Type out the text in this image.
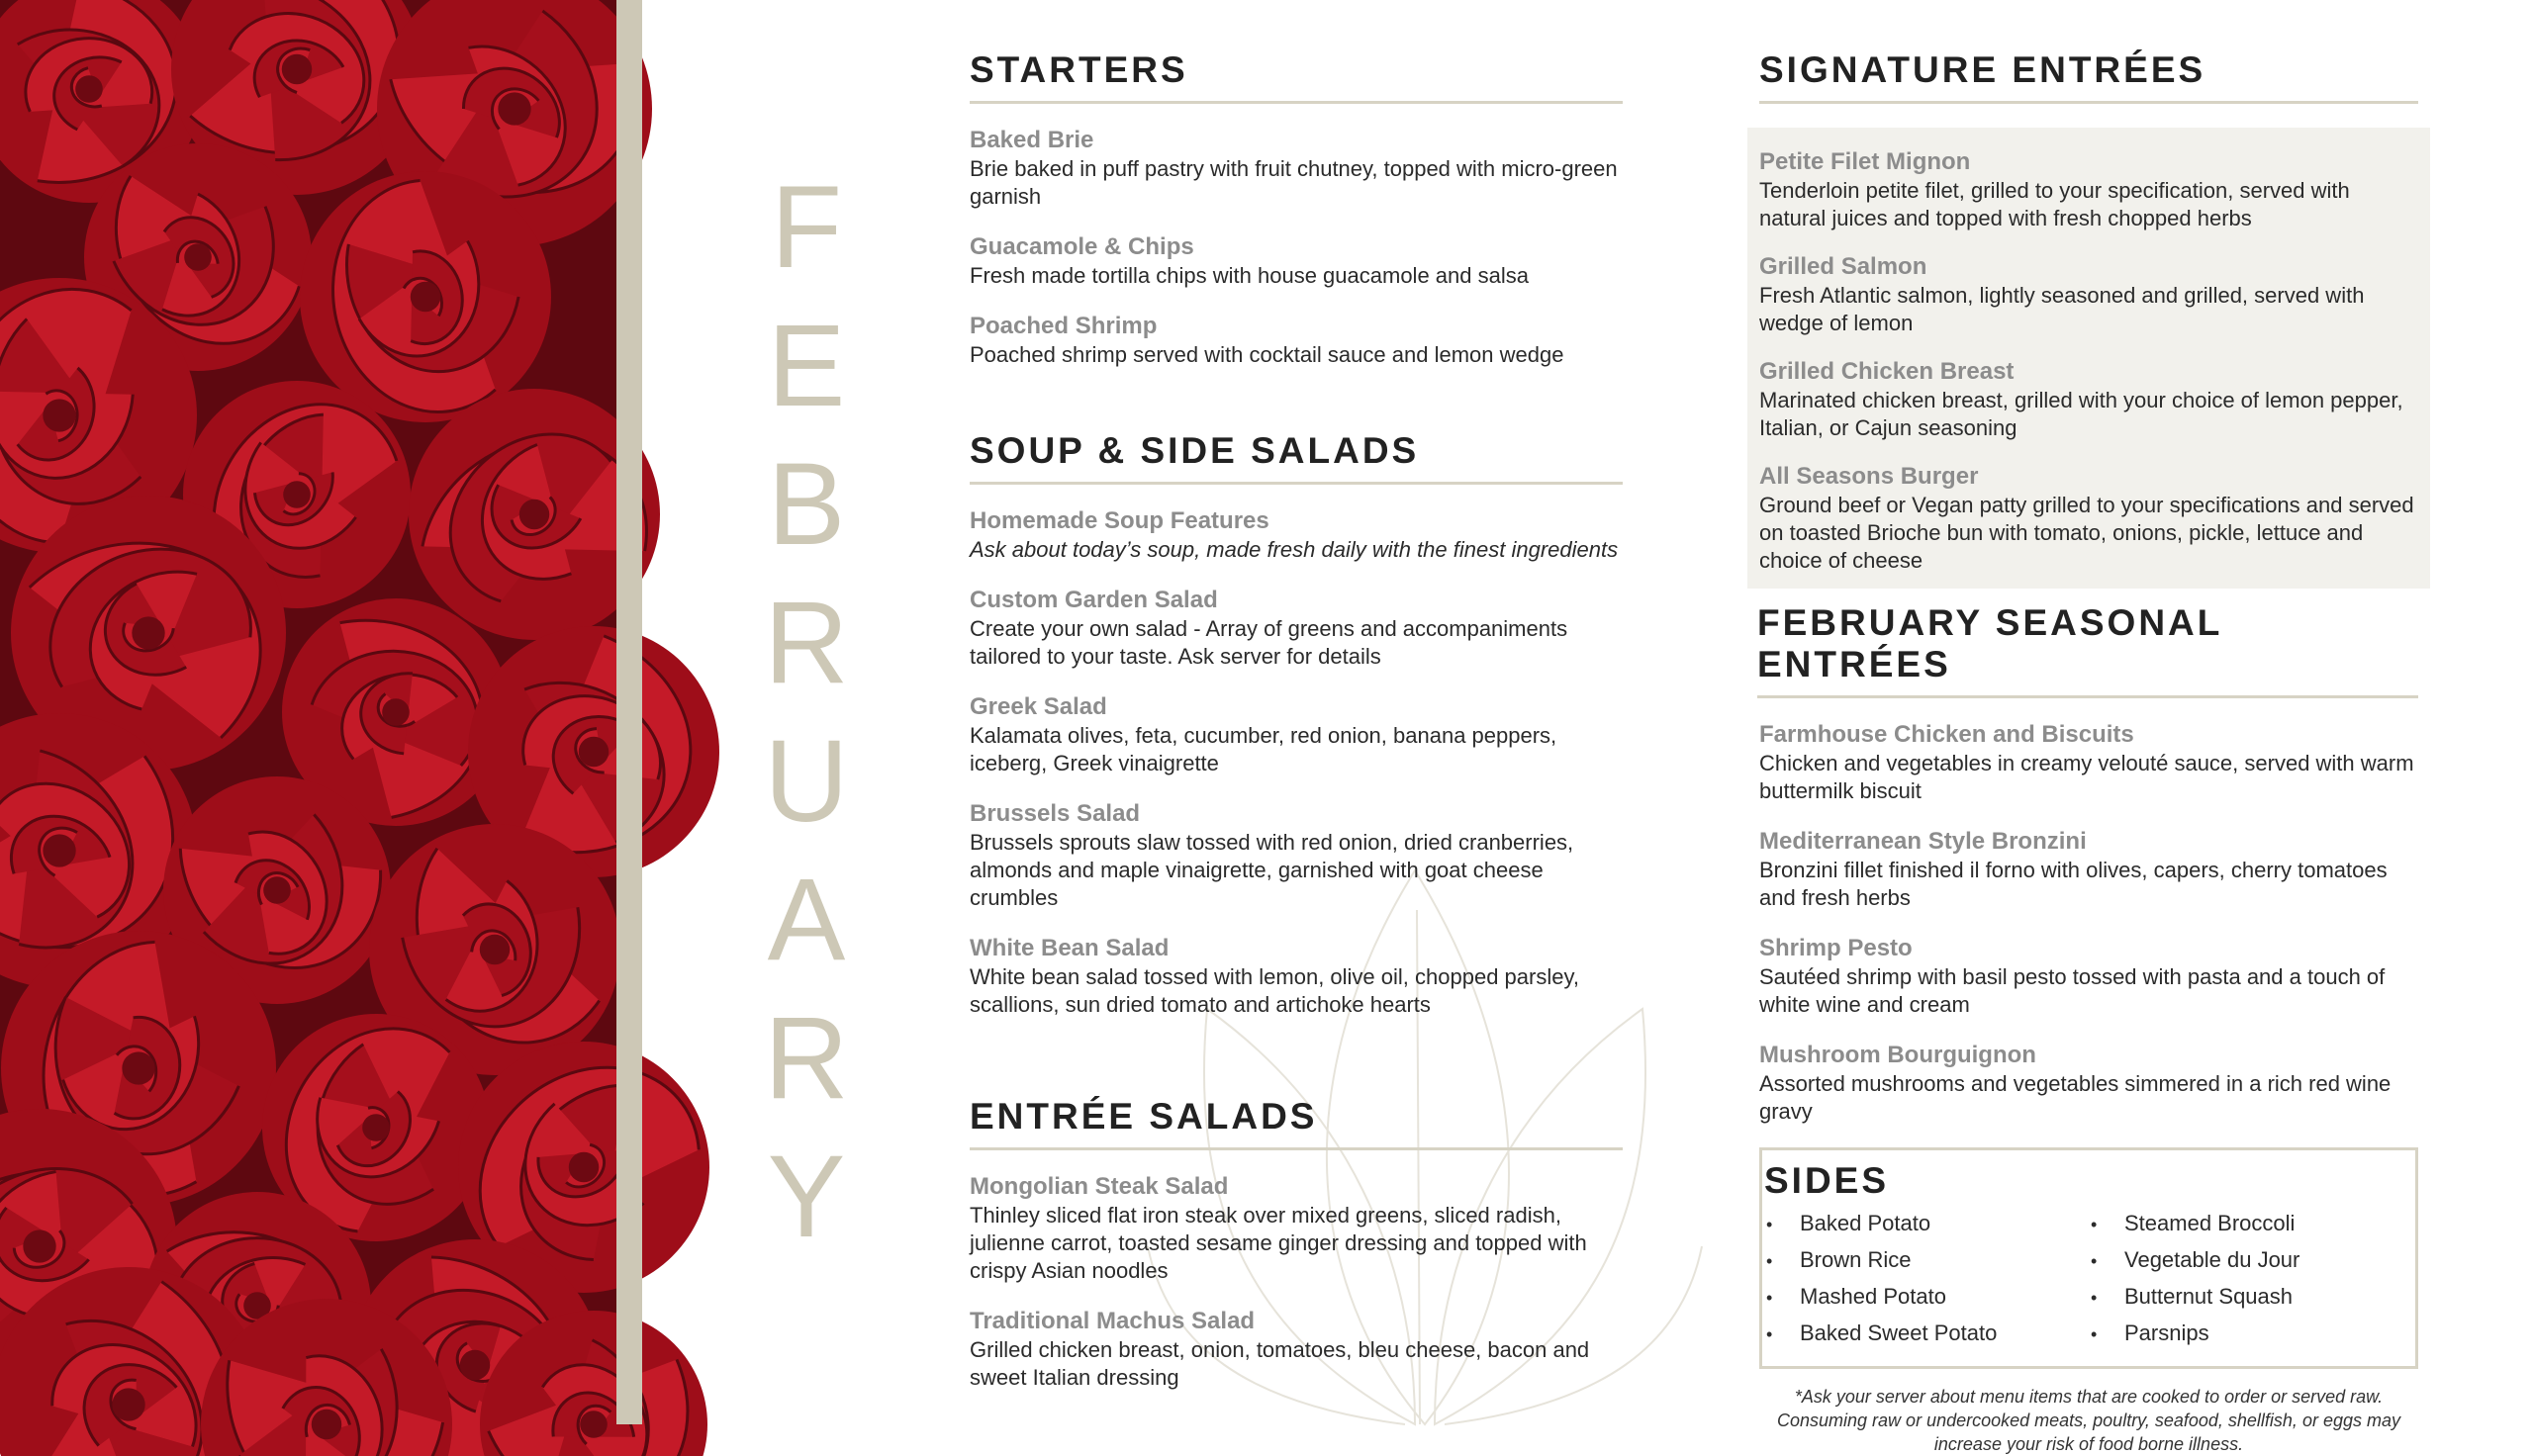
F
E
B
R
U
A
R
Y
STARTERS
Baked Brie
Brie baked in puff pastry with fruit chutney, topped with micro-green garnish
Guacamole & Chips
Fresh made tortilla chips with house guacamole and salsa
Poached Shrimp
Poached shrimp served with cocktail sauce and lemon wedge
SOUP & SIDE SALADS
Homemade Soup Features
Ask about today’s soup, made fresh daily with the finest ingredients
Custom Garden Salad
Create your own salad - Array of greens and accompaniments tailored to your taste. Ask server for details
Greek Salad
Kalamata olives, feta, cucumber, red onion, banana peppers, iceberg, Greek vinaigrette
Brussels Salad
Brussels sprouts slaw tossed with red onion, dried cranberries, almonds and maple vinaigrette, garnished with goat cheese crumbles
White Bean Salad
White bean salad tossed with lemon, olive oil, chopped parsley, scallions, sun dried tomato and artichoke hearts
ENTRÉE SALADS
Mongolian Steak Salad
Thinley sliced flat iron steak over mixed greens, sliced radish, julienne carrot, toasted sesame ginger dressing and topped with crispy Asian noodles
Traditional Machus Salad
Grilled chicken breast, onion, tomatoes, bleu cheese, bacon and sweet Italian dressing
SIGNATURE ENTRÉES
Petite Filet Mignon
Tenderloin petite filet, grilled to your specification, served with natural juices and topped with fresh chopped herbs
Grilled Salmon
Fresh Atlantic salmon, lightly seasoned and grilled, served with wedge of lemon
Grilled Chicken Breast
Marinated chicken breast, grilled with your choice of lemon pepper, Italian, or Cajun seasoning
All Seasons Burger
Ground beef or Vegan patty grilled to your specifications and served on toasted Brioche bun with tomato, onions, pickle, lettuce and choice of cheese
FEBRUARY SEASONAL ENTRÉES
Farmhouse Chicken and Biscuits
Chicken and vegetables in creamy velouté sauce, served with warm buttermilk biscuit
Mediterranean Style Bronzini
Bronzini fillet finished il forno with olives, capers, cherry tomatoes and fresh herbs
Shrimp Pesto
Sautéed shrimp with basil pesto tossed with pasta and a touch of white wine and cream
Mushroom Bourguignon
Assorted mushrooms and vegetables simmered in a rich red wine gravy
SIDES
• Baked Potato
• Brown Rice
• Mashed Potato
• Baked Sweet Potato
• Steamed Broccoli
• Vegetable du Jour
• Butternut Squash
• Parsnips

*Ask your server about menu items that are cooked to order or served raw. Consuming raw or undercooked meats, poultry, seafood, shellfish, or eggs may increase your risk of food borne illness.
